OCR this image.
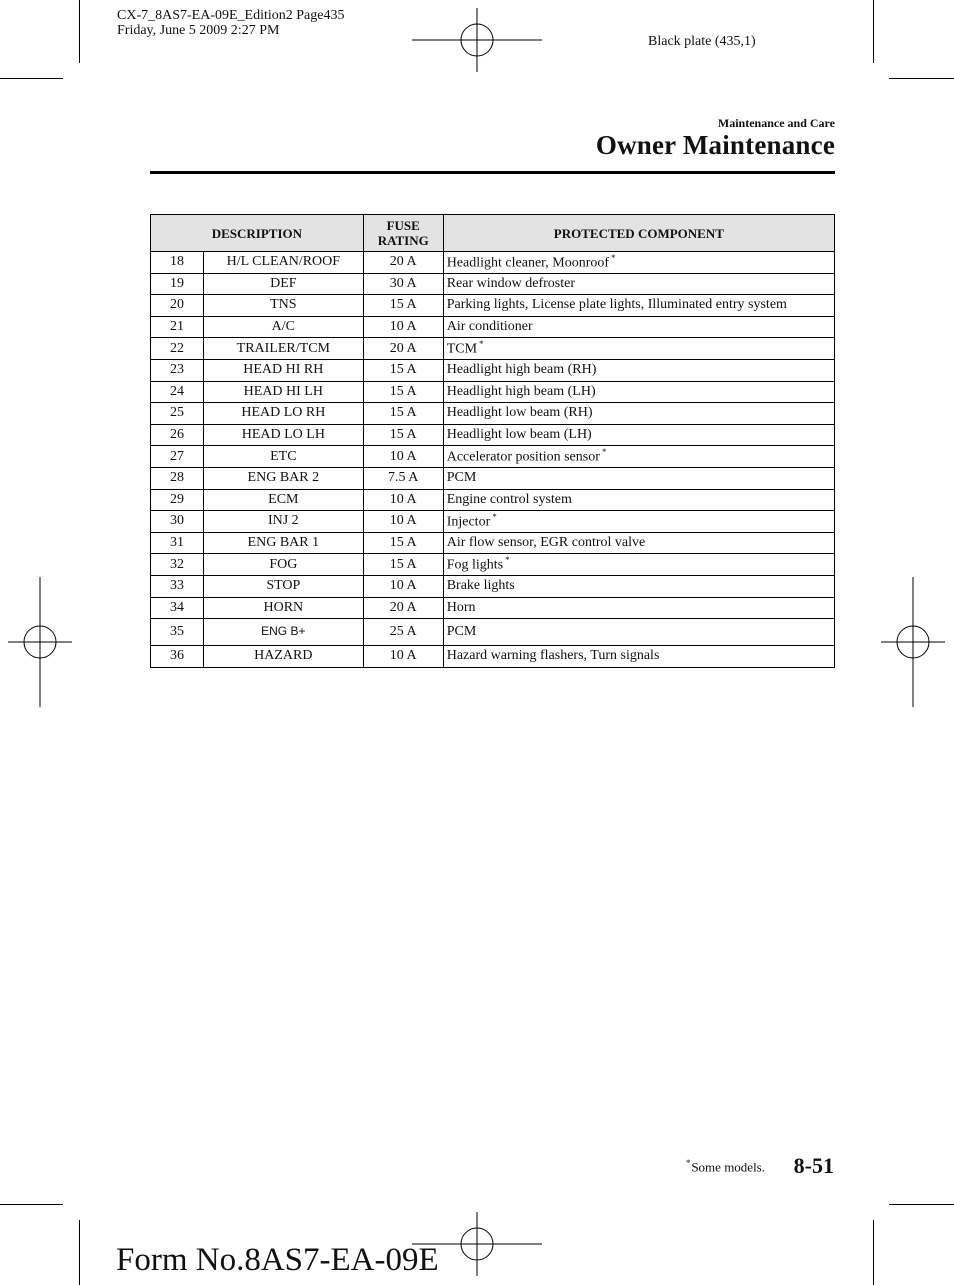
CX-7_8AS7-EA-09E_Edition2 Page435
Friday, June 5 2009 2:27 PM
Black plate (435,1)
Maintenance and Care
Owner Maintenance
DESCRIPTION		FUSE RATING	PROTECTED COMPONENT
18	H/L CLEAN/ROOF	20 A	Headlight cleaner, Moonroof *
19	DEF	30 A	Rear window defroster
20	TNS	15 A	Parking lights, License plate lights, Illuminated entry system
21	A/C	10 A	Air conditioner
22	TRAILER/TCM	20 A	TCM *
23	HEAD HI RH	15 A	Headlight high beam (RH)
24	HEAD HI LH	15 A	Headlight high beam (LH)
25	HEAD LO RH	15 A	Headlight low beam (RH)
26	HEAD LO LH	15 A	Headlight low beam (LH)
27	ETC	10 A	Accelerator position sensor *
28	ENG BAR 2	7.5 A	PCM
29	ECM	10 A	Engine control system
30	INJ 2	10 A	Injector *
31	ENG BAR 1	15 A	Air flow sensor, EGR control valve
32	FOG	15 A	Fog lights *
33	STOP	10 A	Brake lights
34	HORN	20 A	Horn
35	ENG B+	25 A	PCM
36	HAZARD	10 A	Hazard warning flashers, Turn signals
*Some models. 8-51
Form No.8AS7-EA-09E
